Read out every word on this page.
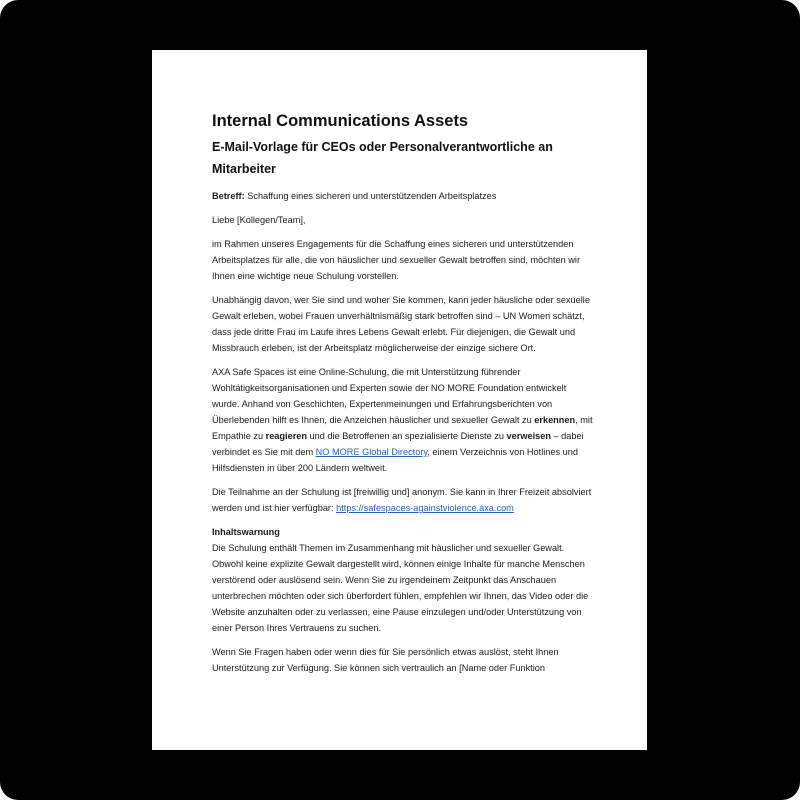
Internal Communications Assets
E-Mail-Vorlage für CEOs oder Personalverantwortliche an Mitarbeiter

Betreff: Schaffung eines sicheren und unterstützenden Arbeitsplatzes

Liebe [Kollegen/Team],

im Rahmen unseres Engagements für die Schaffung eines sicheren und unterstützenden Arbeitsplatzes für alle, die von häuslicher und sexueller Gewalt betroffen sind, möchten wir Ihnen eine wichtige neue Schulung vorstellen.

Unabhängig davon, wer Sie sind und woher Sie kommen, kann jeder häusliche oder sexuelle Gewalt erleben, wobei Frauen unverhältnismäßig stark betroffen sind – UN Women schätzt, dass jede dritte Frau im Laufe ihres Lebens Gewalt erlebt. Für diejenigen, die Gewalt und Missbrauch erleben, ist der Arbeitsplatz möglicherweise der einzige sichere Ort.

AXA Safe Spaces ist eine Online-Schulung, die mit Unterstützung führender Wohltätigkeitsorganisationen und Experten sowie der NO MORE Foundation entwickelt wurde. Anhand von Geschichten, Expertenmeinungen und Erfahrungsberichten von Überlebenden hilft es Ihnen, die Anzeichen häuslicher und sexueller Gewalt zu erkennen, mit Empathie zu reagieren und die Betroffenen an spezialisierte Dienste zu verweisen – dabei verbindet es Sie mit dem NO MORE Global Directory, einem Verzeichnis von Hotlines und Hilfsdiensten in über 200 Ländern weltweit.

Die Teilnahme an der Schulung ist [freiwillig und] anonym. Sie kann in Ihrer Freizeit absolviert werden und ist hier verfügbar: https://safespaces-againstviolence.axa.com

Inhaltswarnung
Die Schulung enthält Themen im Zusammenhang mit häuslicher und sexueller Gewalt. Obwohl keine explizite Gewalt dargestellt wird, können einige Inhalte für manche Menschen verstörend oder auslösend sein. Wenn Sie zu irgendeinem Zeitpunkt das Anschauen unterbrechen möchten oder sich überfordert fühlen, empfehlen wir Ihnen, das Video oder die Website anzuhalten oder zu verlassen, eine Pause einzulegen und/oder Unterstützung von einer Person Ihres Vertrauens zu suchen.

Wenn Sie Fragen haben oder wenn dies für Sie persönlich etwas auslöst, steht Ihnen Unterstützung zur Verfügung. Sie können sich vertraulich an [Name oder Funktion
